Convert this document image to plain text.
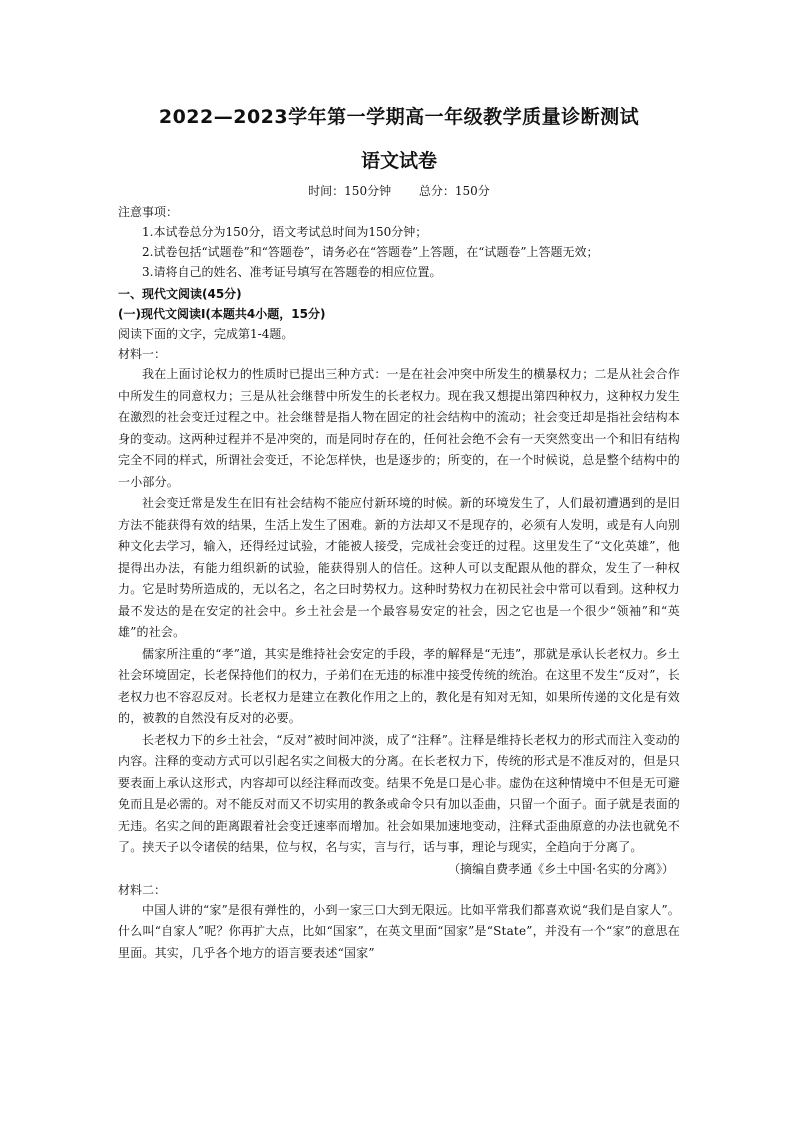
2022—2023学年第一学期高一年级教学质量诊断测试
语文试卷
时间：150分钟 总分：150分

注意事项：

1.本试卷总分为150分，语文考试总时间为150分钟；

2.试卷包括“试题卷”和“答题卷”，请务必在“答题卷”上答题，在“试题卷”上答题无效；

3.请将自己的姓名、准考证号填写在答题卷的相应位置。

一、现代文阅读(45分)

(一)现代文阅读Ⅰ(本题共4小题，15分)

阅读下面的文字，完成第1-4题。

材料一：

我在上面讨论权力的性质时已提出三种方式：一是在社会冲突中所发生的横暴权力；二是从社会合作中所发生的同意权力；三是从社会继替中所发生的长老权力。现在我又想提出第四种权力，这种权力发生在激烈的社会变迁过程之中。社会继替是指人物在固定的社会结构中的流动；社会变迁却是指社会结构本身的变动。这两种过程并不是冲突的，而是同时存在的，任何社会绝不会有一天突然变出一个和旧有结构完全不同的样式，所谓社会变迁，不论怎样快，也是逐步的；所变的，在一个时候说，总是整个结构中的一小部分。

社会变迁常是发生在旧有社会结构不能应付新环境的时候。新的环境发生了，人们最初遭遇到的是旧方法不能获得有效的结果，生活上发生了困难。新的方法却又不是现存的，必须有人发明，或是有人向别种文化去学习，输入，还得经过试验，才能被人接受，完成社会变迁的过程。这里发生了“文化英雄”，他提得出办法，有能力组织新的试验，能获得别人的信任。这种人可以支配跟从他的群众，发生了一种权力。它是时势所造成的，无以名之，名之曰时势权力。这种时势权力在初民社会中常可以看到。这种权力最不发达的是在安定的社会中。乡土社会是一个最容易安定的社会，因之它也是一个很少“领袖”和“英雄”的社会。

儒家所注重的“孝”道，其实是维持社会安定的手段，孝的解释是“无违”，那就是承认长老权力。乡土社会环境固定，长老保持他们的权力，子弟们在无违的标准中接受传统的统治。在这里不发生“反对”，长老权力也不容忍反对。长老权力是建立在教化作用之上的，教化是有知对无知，如果所传递的文化是有效的，被教的自然没有反对的必要。

长老权力下的乡土社会，“反对”被时间冲淡，成了“注释”。注释是维持长老权力的形式而注入变动的内容。注释的变动方式可以引起名实之间极大的分离。在长老权力下，传统的形式是不准反对的，但是只要表面上承认这形式，内容却可以经注释而改变。结果不免是口是心非。虚伪在这种情境中不但是无可避免而且是必需的。对不能反对而又不切实用的教条或命令只有加以歪曲，只留一个面子。面子就是表面的无违。名实之间的距离跟着社会变迁速率而增加。社会如果加速地变动，注释式歪曲原意的办法也就免不了。挟天子以令诸侯的结果，位与权，名与实，言与行，话与事，理论与现实，全趋向于分离了。

（摘编自费孝通《乡土中国·名实的分离》）

材料二：

中国人讲的“家”是很有弹性的，小到一家三口大到无限远。比如平常我们都喜欢说“我们是自家人”。什么叫“自家人”呢？你再扩大点，比如“国家”，在英文里面“国家”是“State”，并没有一个“家”的意思在里面。其实，几乎各个地方的语言要表述“国家”
